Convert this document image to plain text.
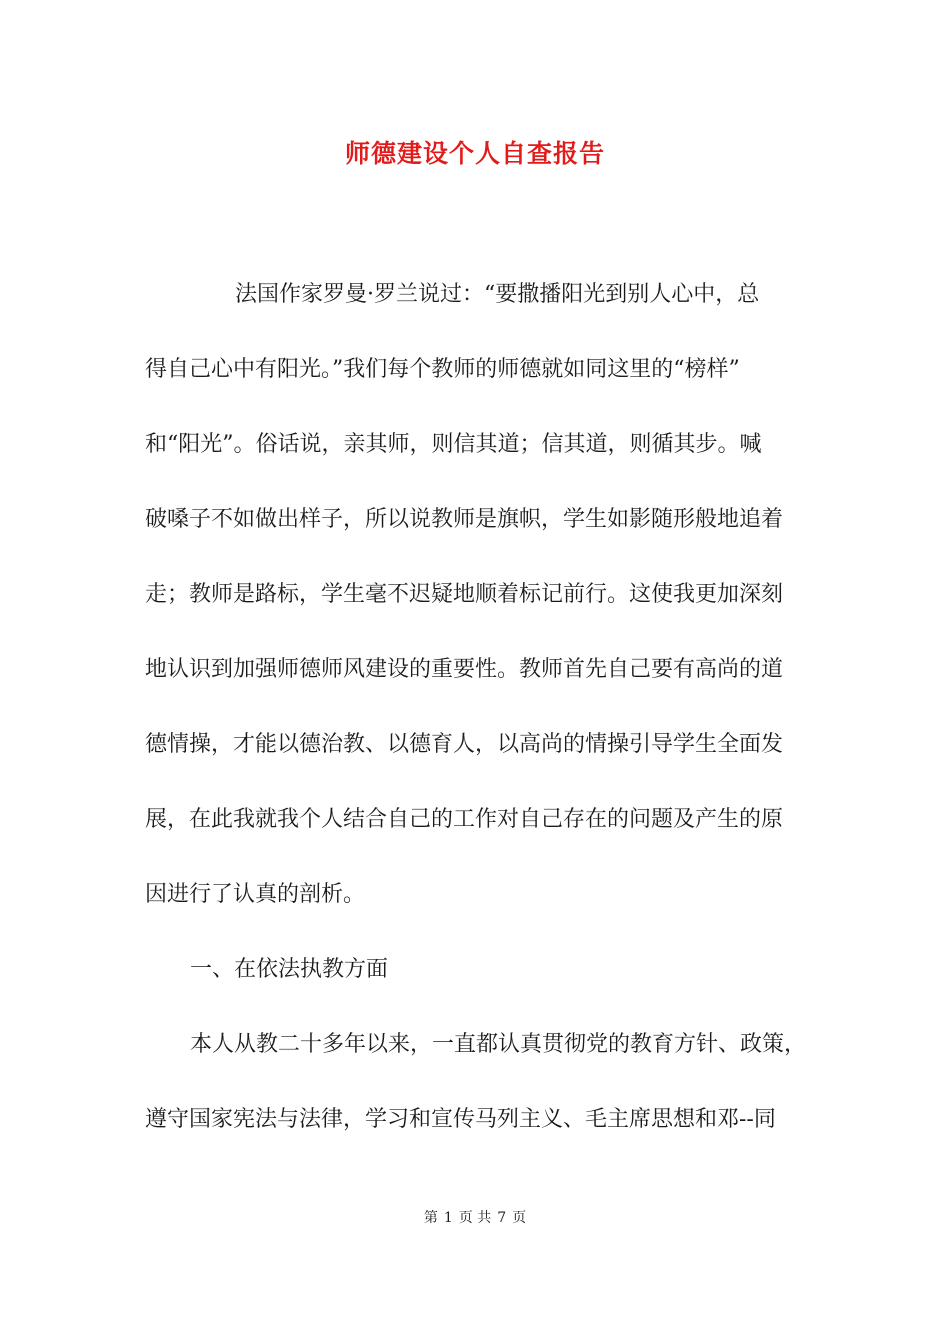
师德建设个人自查报告
法国作家罗曼·罗兰说过：“要撒播阳光到别人心中，总
得自己心中有阳光。”我们每个教师的师德就如同这里的“榜样”
和“阳光”。俗话说，亲其师，则信其道；信其道，则循其步。喊
破嗓子不如做出样子，所以说教师是旗帜，学生如影随形般地追着
走；教师是路标，学生毫不迟疑地顺着标记前行。这使我更加深刻
地认识到加强师德师风建设的重要性。教师首先自己要有高尚的道
德情操，才能以德治教、以德育人，以高尚的情操引导学生全面发
展，在此我就我个人结合自己的工作对自己存在的问题及产生的原
因进行了认真的剖析。
一、在依法执教方面
本人从教二十多年以来，一直都认真贯彻党的教育方针、政策，
遵守国家宪法与法律，学习和宣传马列主义、毛主席思想和邓--同
第 1 页 共 7 页
